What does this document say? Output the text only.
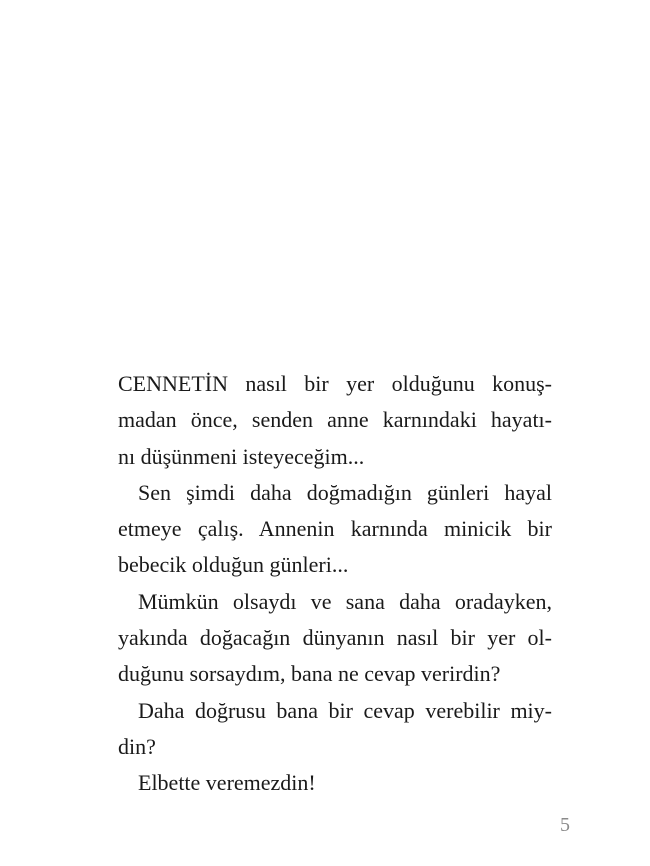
CENNETİN nasıl bir yer olduğunu konuş-
madan önce, senden anne karnındaki hayatı-
nı düşünmeni isteyeceğim...
Sen şimdi daha doğmadığın günleri hayal
etmeye çalış. Annenin karnında minicik bir
bebecik olduğun günleri...
Mümkün olsaydı ve sana daha oradayken,
yakında doğacağın dünyanın nasıl bir yer ol-
duğunu sorsaydım, bana ne cevap verirdin?
Daha doğrusu bana bir cevap verebilir miy-
din?
Elbette veremezdin!
5
